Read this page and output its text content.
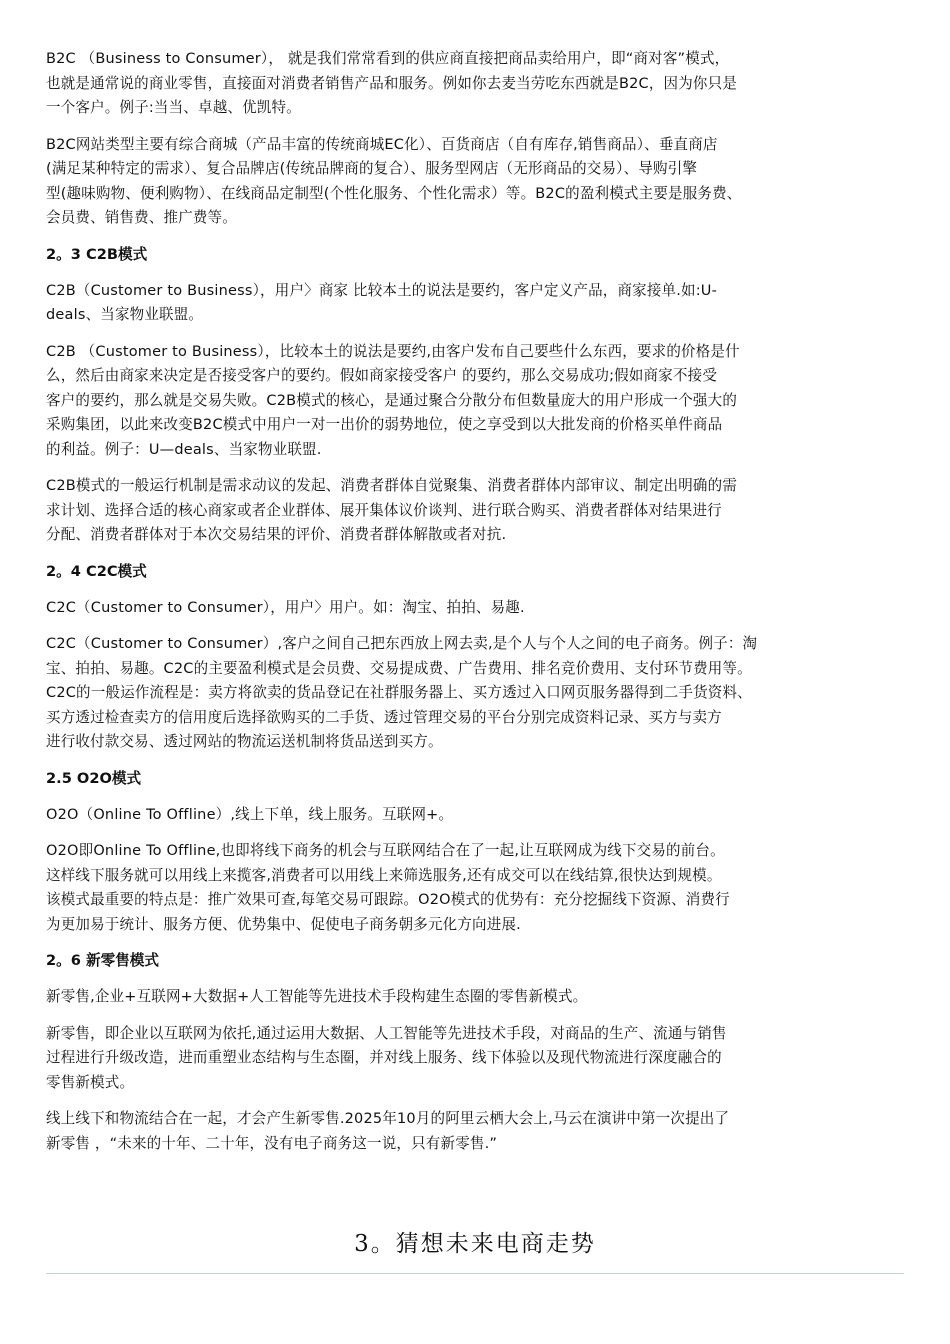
B2C （Business to Consumer）， 就是我们常常看到的供应商直接把商品卖给用户，即“商对客”模式，
也就是通常说的商业零售，直接面对消费者销售产品和服务。例如你去麦当劳吃东西就是B2C，因为你只是
一个客户。例子:当当、卓越、优凯特。
B2C网站类型主要有综合商城（产品丰富的传统商城EC化）、百货商店（自有库存,销售商品）、垂直商店
(满足某种特定的需求）、复合品牌店(传统品牌商的复合）、服务型网店（无形商品的交易）、导购引擎
型(趣味购物、便利购物）、在线商品定制型(个性化服务、个性化需求）等。B2C的盈利模式主要是服务费、
会员费、销售费、推广费等。
2。3 C2B模式
C2B（Customer to Business），用户〉商家 比较本土的说法是要约，客户定义产品，商家接单.如:U-
deals、当家物业联盟。
C2B （Customer to Business），比较本土的说法是要约,由客户发布自己要些什么东西，要求的价格是什
么，然后由商家来决定是否接受客户的要约。假如商家接受客户 的要约，那么交易成功;假如商家不接受
客户的要约，那么就是交易失败。C2B模式的核心，是通过聚合分散分布但数量庞大的用户形成一个强大的
采购集团，以此来改变B2C模式中用户一对一出价的弱势地位，使之享受到以大批发商的价格买单件商品
的利益。例子：U—deals、当家物业联盟.
C2B模式的一般运行机制是需求动议的发起、消费者群体自觉聚集、消费者群体内部审议、制定出明确的需
求计划、选择合适的核心商家或者企业群体、展开集体议价谈判、进行联合购买、消费者群体对结果进行
分配、消费者群体对于本次交易结果的评价、消费者群体解散或者对抗.
2。4 C2C模式
C2C（Customer to Consumer），用户〉用户。如：淘宝、拍拍、易趣.
C2C（Customer to Consumer）,客户之间自己把东西放上网去卖,是个人与个人之间的电子商务。例子：淘
宝、拍拍、易趣。C2C的主要盈利模式是会员费、交易提成费、广告费用、排名竞价费用、支付环节费用等。
C2C的一般运作流程是：卖方将欲卖的货品登记在社群服务器上、买方透过入口网页服务器得到二手货资料、
买方透过检查卖方的信用度后选择欲购买的二手货、透过管理交易的平台分别完成资料记录、买方与卖方
进行收付款交易、透过网站的物流运送机制将货品送到买方。
2.5 O2O模式
O2O（Online To Offline）,线上下单，线上服务。互联网+。
O2O即Online To Offline,也即将线下商务的机会与互联网结合在了一起,让互联网成为线下交易的前台。
这样线下服务就可以用线上来揽客,消费者可以用线上来筛选服务,还有成交可以在线结算,很快达到规模。
该模式最重要的特点是：推广效果可查,每笔交易可跟踪。O2O模式的优势有：充分挖掘线下资源、消费行
为更加易于统计、服务方便、优势集中、促使电子商务朝多元化方向进展.
2。6 新零售模式
新零售,企业+互联网+大数据+人工智能等先进技术手段构建生态圈的零售新模式。
新零售，即企业以互联网为依托,通过运用大数据、人工智能等先进技术手段，对商品的生产、流通与销售
过程进行升级改造，进而重塑业态结构与生态圈，并对线上服务、线下体验以及现代物流进行深度融合的
零售新模式。
线上线下和物流结合在一起，才会产生新零售.2025年10月的阿里云栖大会上,马云在演讲中第一次提出了
新零售 ，“未来的十年、二十年，没有电子商务这一说，只有新零售.”
3。猜想未来电商走势
